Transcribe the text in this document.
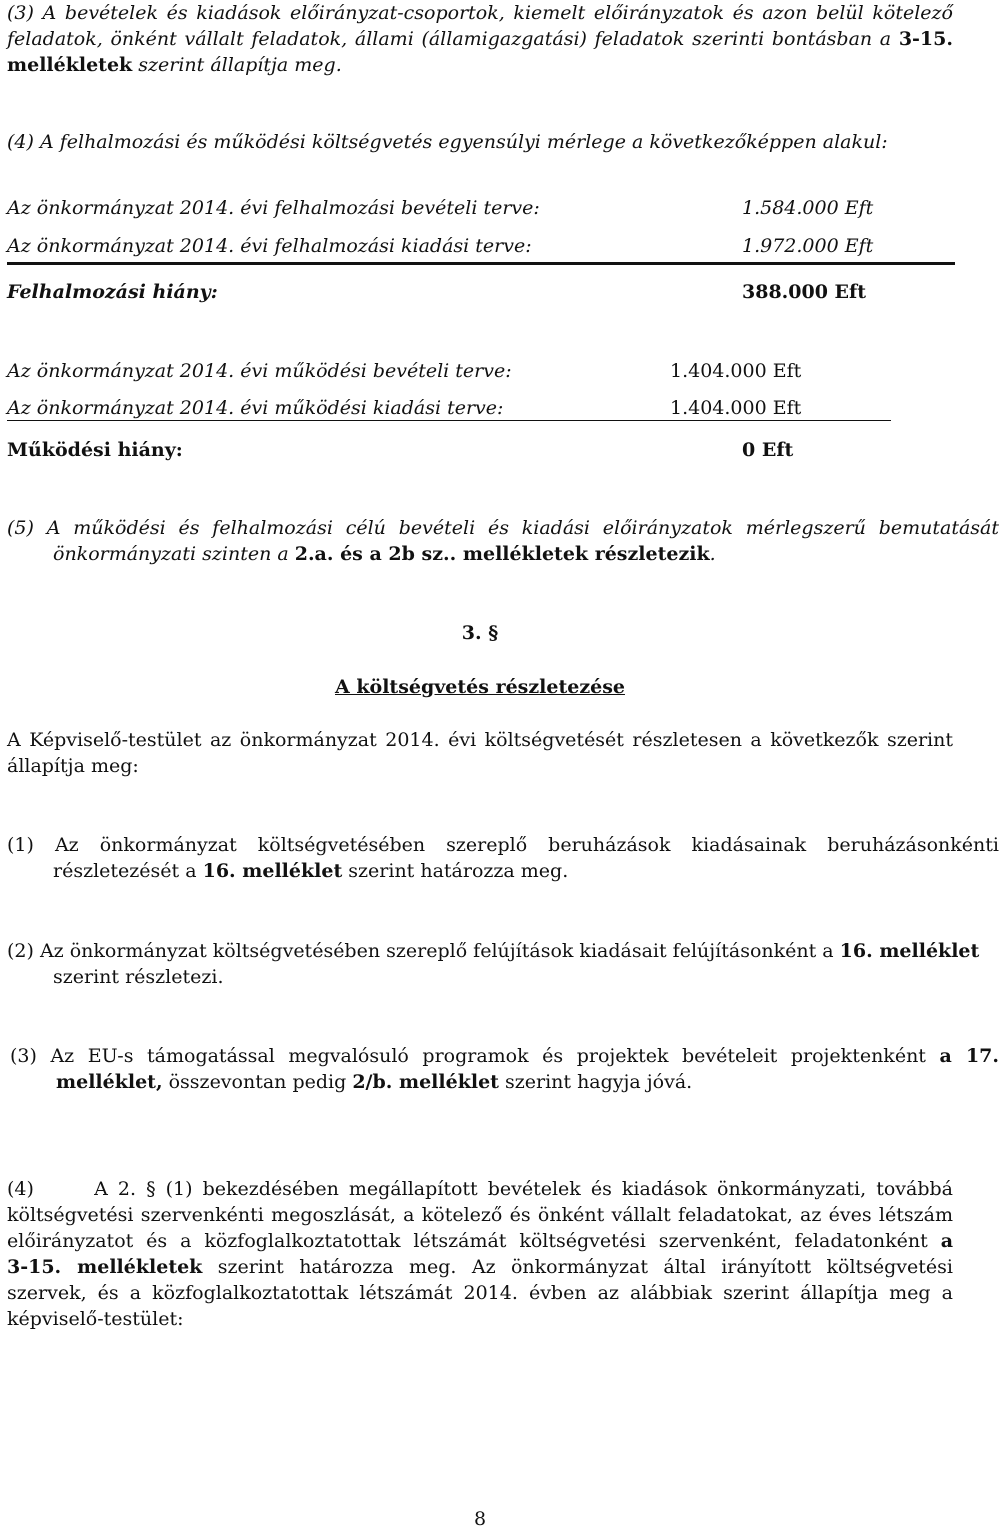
(3) A bevételek és kiadások előirányzat-csoportok, kiemelt előirányzatok és azon belül kötelező feladatok, önként vállalt feladatok, állami (államigazgatási) feladatok szerinti bontásban a 3-15. mellékletek szerint állapítja meg.
(4) A felhalmozási és működési költségvetés egyensúlyi mérlege a következőképpen alakul:
Az önkormányzat 2014. évi felhalmozási bevételi terve:	1.584.000 Eft
Az önkormányzat 2014. évi felhalmozási kiadási terve:	1.972.000 Eft
Felhalmozási hiány:	388.000 Eft
Az önkormányzat 2014. évi működési bevételi terve:	1.404.000 Eft
Az önkormányzat 2014. évi működési kiadási terve:	1.404.000 Eft
Működési hiány:	0 Eft
(5) A működési és felhalmozási célú bevételi és kiadási előirányzatok mérlegszerű bemutatását önkormányzati szinten a 2.a. és a 2b sz.. mellékletek részletezik.
3. §
A költségvetés részletezése
A Képviselő-testület az önkormányzat 2014. évi költségvetését részletesen a következők szerint állapítja meg:
(1) Az önkormányzat költségvetésében szereplő beruházások kiadásainak beruházásonkénti részletezését a 16. melléklet szerint határozza meg.
(2) Az önkormányzat költségvetésében szereplő felújítások kiadásait felújításonként a 16. melléklet szerint részletezi.
(3) Az EU-s támogatással megvalósuló programok és projektek bevételeit projektenként a 17. melléklet, összevontan pedig 2/b. melléklet szerint hagyja jóvá.
(4)      A 2. § (1) bekezdésében megállapított bevételek és kiadások önkormányzati, továbbá költségvetési szervenkénti megoszlását, a kötelező és önként vállalt feladatokat, az éves létszám előirányzatot és a közfoglalkoztatottak létszámát költségvetési szervenként, feladatonként a      3-15. mellékletek szerint határozza meg. Az önkormányzat által irányított költségvetési szervek, és a közfoglalkoztatottak létszámát 2014. évben az alábbiak szerint állapítja meg a képviselő-testület:
8
